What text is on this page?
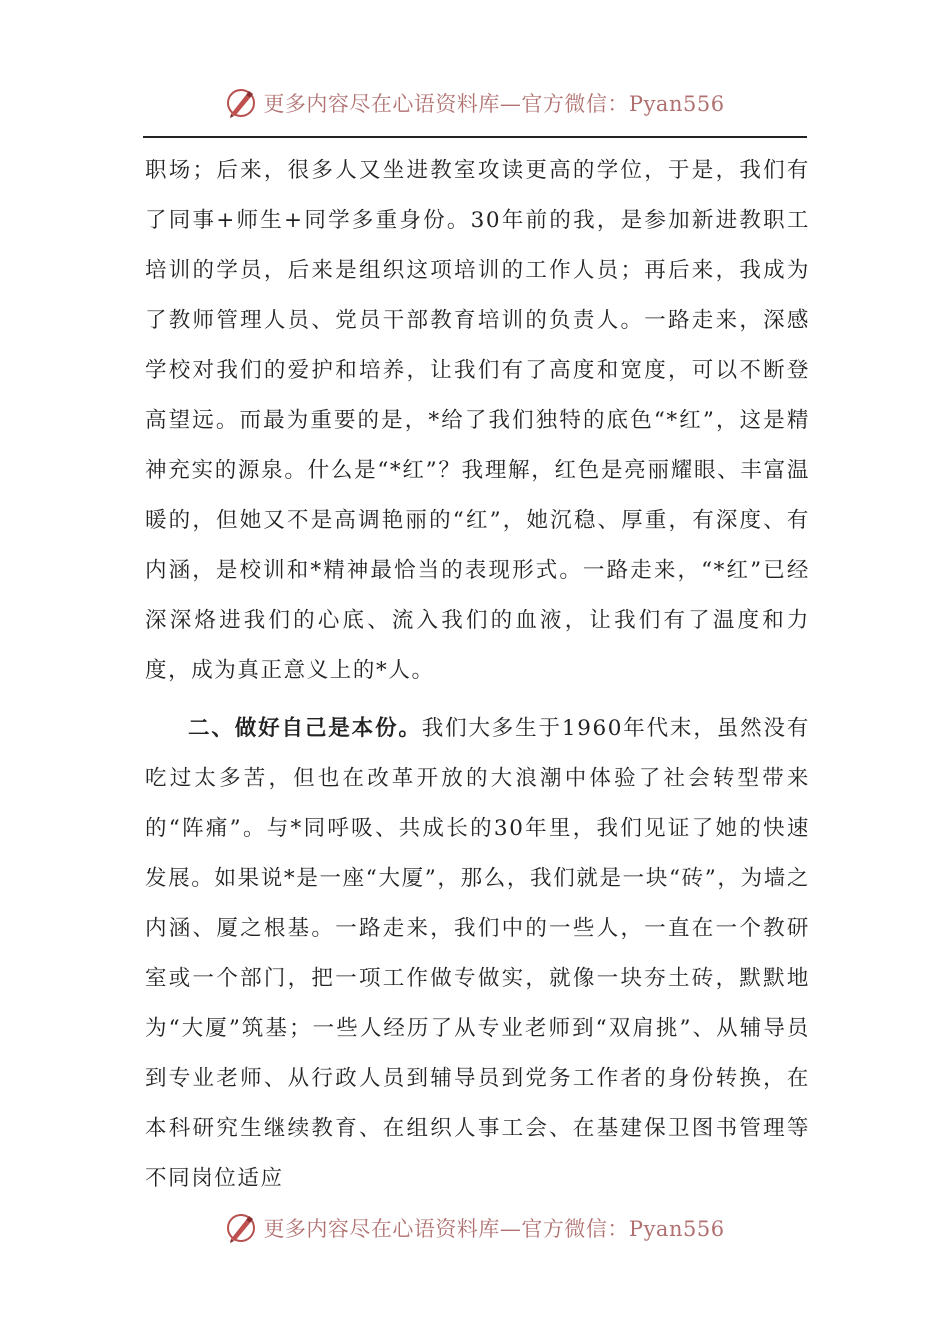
更多内容尽在心语资料库—官方微信：Pyan556

职场；后来，很多人又坐进教室攻读更高的学位，于是，我们有了同事+师生+同学多重身份。30年前的我，是参加新进教职工培训的学员，后来是组织这项培训的工作人员；再后来，我成为了教师管理人员、党员干部教育培训的负责人。一路走来，深感学校对我们的爱护和培养，让我们有了高度和宽度，可以不断登高望远。而最为重要的是，*给了我们独特的底色“*红”，这是精神充实的源泉。什么是“*红”？我理解，红色是亮丽耀眼、丰富温暖的，但她又不是高调艳丽的“红”，她沉稳、厚重，有深度、有内涵，是校训和*精神最恰当的表现形式。一路走来，“*红”已经深深烙进我们的心底、流入我们的血液，让我们有了温度和力度，成为真正意义上的*人。

二、做好自己是本份。我们大多生于1960年代末，虽然没有吃过太多苦，但也在改革开放的大浪潮中体验了社会转型带来的“阵痛”。与*同呼吸、共成长的30年里，我们见证了她的快速发展。如果说*是一座“大厦”，那么，我们就是一块“砖”，为墙之内涵、厦之根基。一路走来，我们中的一些人，一直在一个教研室或一个部门，把一项工作做专做实，就像一块夯土砖，默默地为“大厦”筑基；一些人经历了从专业老师到“双肩挑”、从辅导员到专业老师、从行政人员到辅导员到党务工作者的身份转换，在本科研究生继续教育、在组织人事工会、在基建保卫图书管理等不同岗位适应

更多内容尽在心语资料库—官方微信：Pyan556
